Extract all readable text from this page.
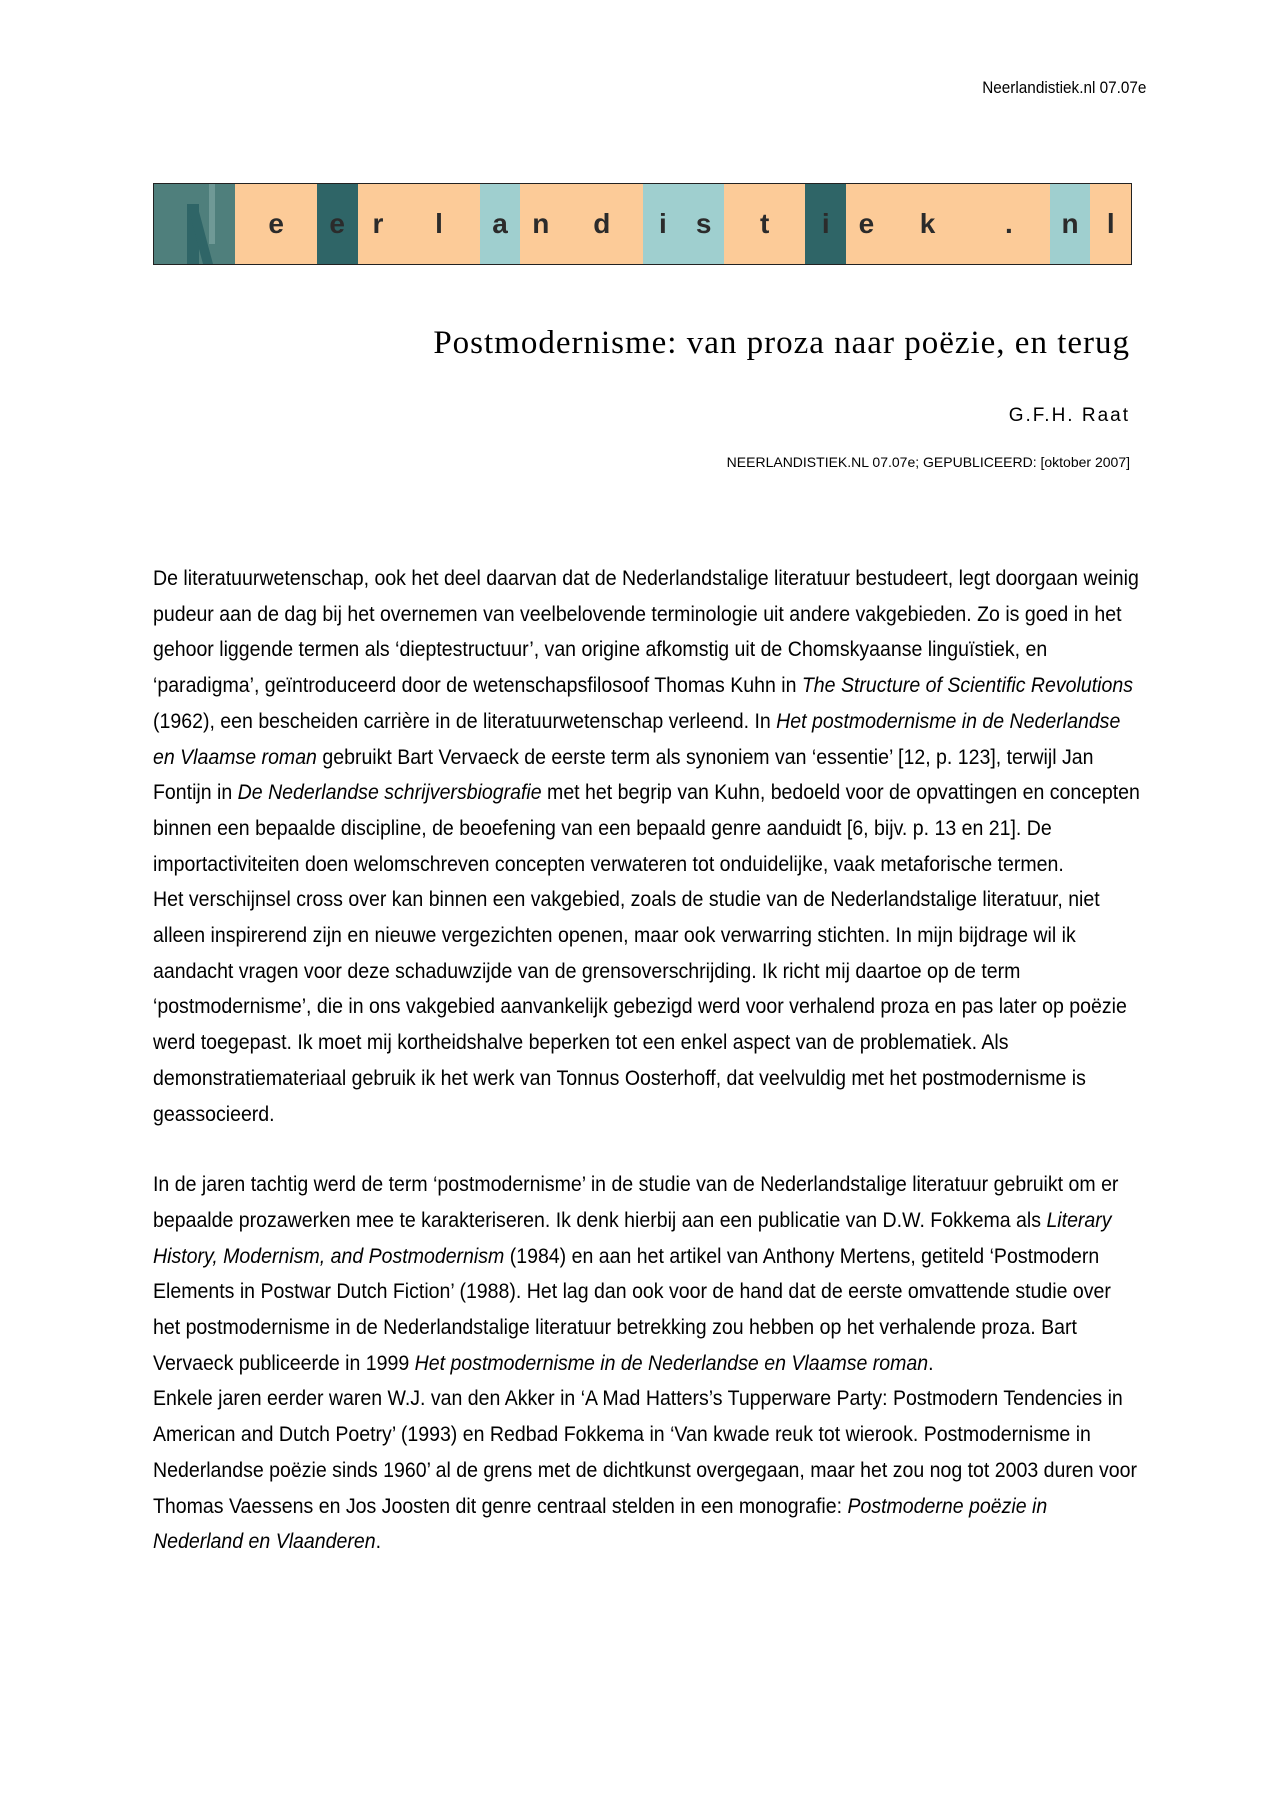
Neerlandistiek.nl 07.07e
e	e r	l	a n	d	i	s	t	i	e	k .	n	l
Postmodernisme: van proza naar poëzie, en terug
G.F.H. Raat
NEERLANDISTIEK.NL 07.07e; GEPUBLICEERD: [oktober 2007]

De literatuurwetenschap, ook het deel daarvan dat de Nederlandstalige literatuur bestudeert, legt doorgaan weinig pudeur aan de dag bij het overnemen van veelbelovende terminologie uit andere vakgebieden. Zo is goed in het gehoor liggende termen als ‘dieptestructuur’, van origine afkomstig uit de Chomskyaanse linguïstiek, en ‘paradigma’, geïntroduceerd door de wetenschapsfilosoof Thomas Kuhn in The Structure of Scientific Revolutions (1962), een bescheiden carrière in de literatuurwetenschap verleend. In Het postmodernisme in de Nederlandse en Vlaamse roman gebruikt Bart Vervaeck de eerste term als synoniem van ‘essentie’ [12, p. 123], terwijl Jan Fontijn in De Nederlandse schrijversbiografie met het begrip van Kuhn, bedoeld voor de opvattingen en concepten binnen een bepaalde discipline, de beoefening van een bepaald genre aanduidt [6, bijv. p. 13 en 21]. De importactiviteiten doen welomschreven concepten verwateren tot onduidelijke, vaak metaforische termen.

Het verschijnsel cross over kan binnen een vakgebied, zoals de studie van de Nederlandstalige literatuur, niet alleen inspirerend zijn en nieuwe vergezichten openen, maar ook verwarring stichten. In mijn bijdrage wil ik aandacht vragen voor deze schaduwzijde van de grensoverschrijding. Ik richt mij daartoe op de term ‘postmodernisme’, die in ons vakgebied aanvankelijk gebezigd werd voor verhalend proza en pas later op poëzie werd toegepast. Ik moet mij kortheidshalve beperken tot een enkel aspect van de problematiek. Als demonstratiemateriaal gebruik ik het werk van Tonnus Oosterhoff, dat veelvuldig met het postmodernisme is geassocieerd.

In de jaren tachtig werd de term ‘postmodernisme’ in de studie van de Nederlandstalige literatuur gebruikt om er bepaalde prozawerken mee te karakteriseren. Ik denk hierbij aan een publicatie van D.W. Fokkema als Literary History, Modernism, and Postmodernism (1984) en aan het artikel van Anthony Mertens, getiteld ‘Postmodern Elements in Postwar Dutch Fiction’ (1988). Het lag dan ook voor de hand dat de eerste omvattende studie over het postmodernisme in de Nederlandstalige literatuur betrekking zou hebben op het verhalende proza. Bart Vervaeck publiceerde in 1999 Het postmodernisme in de Nederlandse en Vlaamse roman.

Enkele jaren eerder waren W.J. van den Akker in ‘A Mad Hatters’s Tupperware Party: Postmodern Tendencies in American and Dutch Poetry’ (1993) en Redbad Fokkema in ‘Van kwade reuk tot wierook. Postmodernisme in Nederlandse poëzie sinds 1960’ al de grens met de dichtkunst overgegaan, maar het zou nog tot 2003 duren voor Thomas Vaessens en Jos Joosten dit genre centraal stelden in een monografie: Postmoderne poëzie in Nederland en Vlaanderen.
